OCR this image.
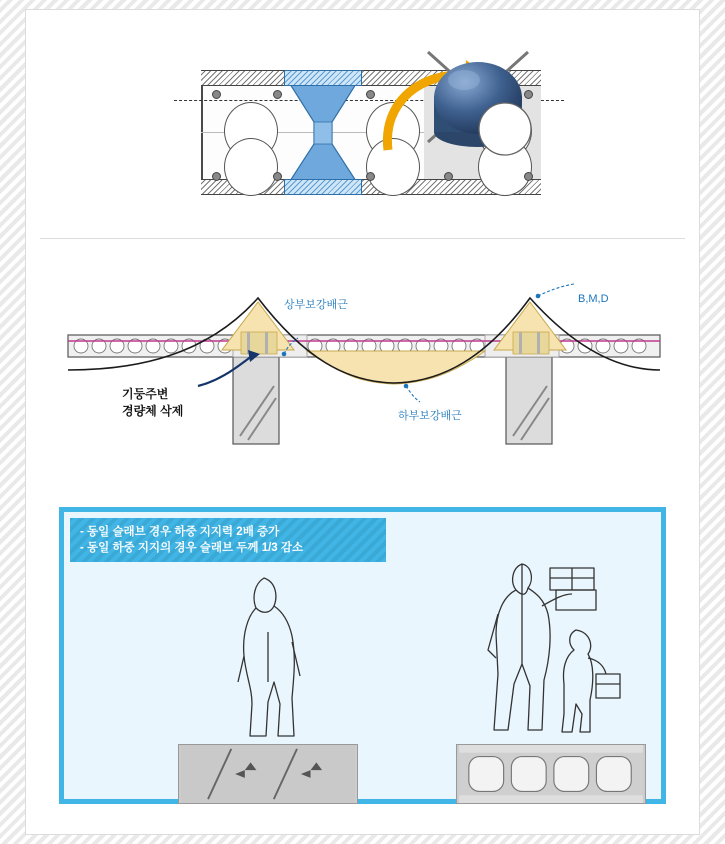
상부보강배근	B,M,D
하부보강배근
기둥주변
경량체 삭제
- 동일 슬래브 경우 하중 지지력 2배 증가
- 동일 하중 지지의 경우 슬래브 두께 1/3 감소
